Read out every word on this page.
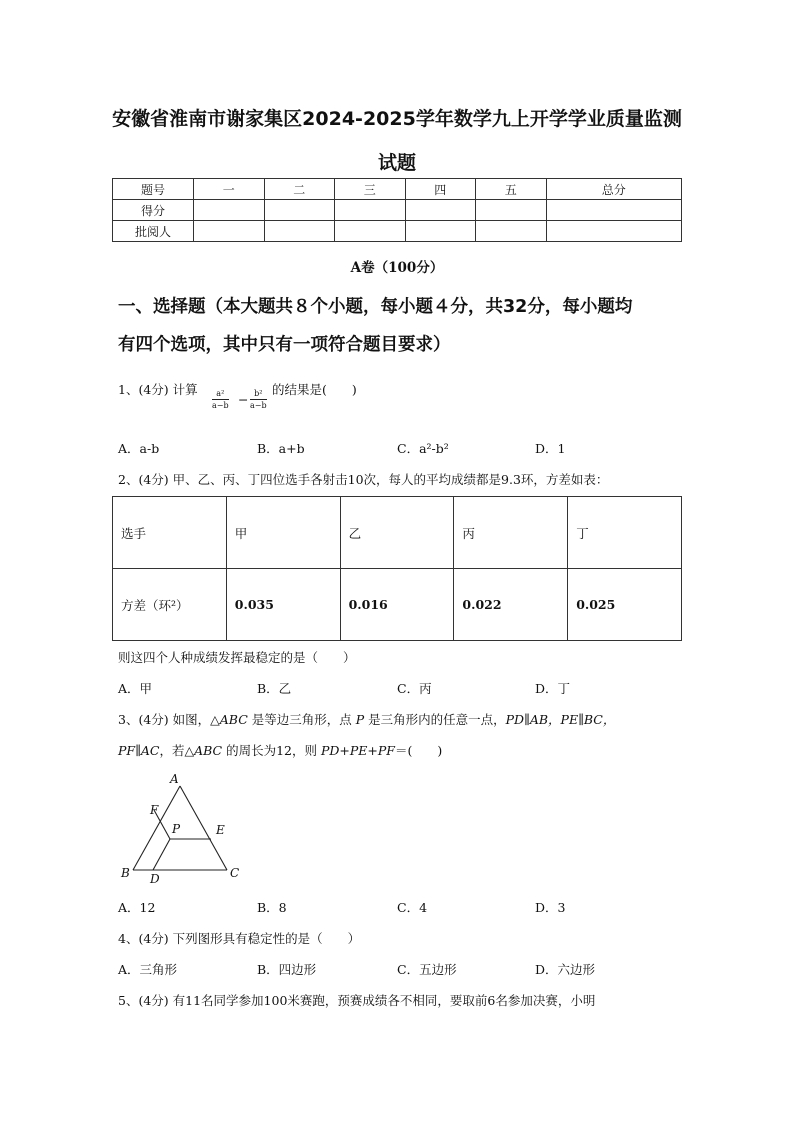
安徽省淮南市谢家集区2024-2025学年数学九上开学学业质量监测
试题
题号	一	二	三	四	五	总分
得分						
批阅人						
A卷（100分）
一、选择题（本大题共８个小题，每小题４分，共32分，每小题均
有四个选项，其中只有一项符合题目要求）
1、(4分) 计算 $\frac{\text{a²}}{a-b} - \frac{\text{b²}}{a-b}$ 的结果是(　　)
A．a-b	B．a+b	C．a²-b²	D．1
2、(4分) 甲、乙、丙、丁四位选手各射击10次，每人的平均成绩都是9.3环，方差如表：
选手	甲	乙	丙	丁
方差（环²）	0.035	0.016	0.022	0.025
则这四个人种成绩发挥最稳定的是（　　）
A．甲	B．乙	C．丙	D．丁
3、(4分) 如图，△ABC 是等边三角形，点 P 是三角形内的任意一点，PD∥AB，PE∥BC，
PF∥AC，若△ABC 的周长为12，则 PD+PE+PF＝(　　)
A
B	C
D
E
F
P
A．12	B．8	C．4	D．3
4、(4分) 下列图形具有稳定性的是（　　）
A．三角形	B．四边形	C．五边形	D．六边形
5、(4分) 有11名同学参加100米赛跑，预赛成绩各不相同，要取前6名参加决赛，小明
